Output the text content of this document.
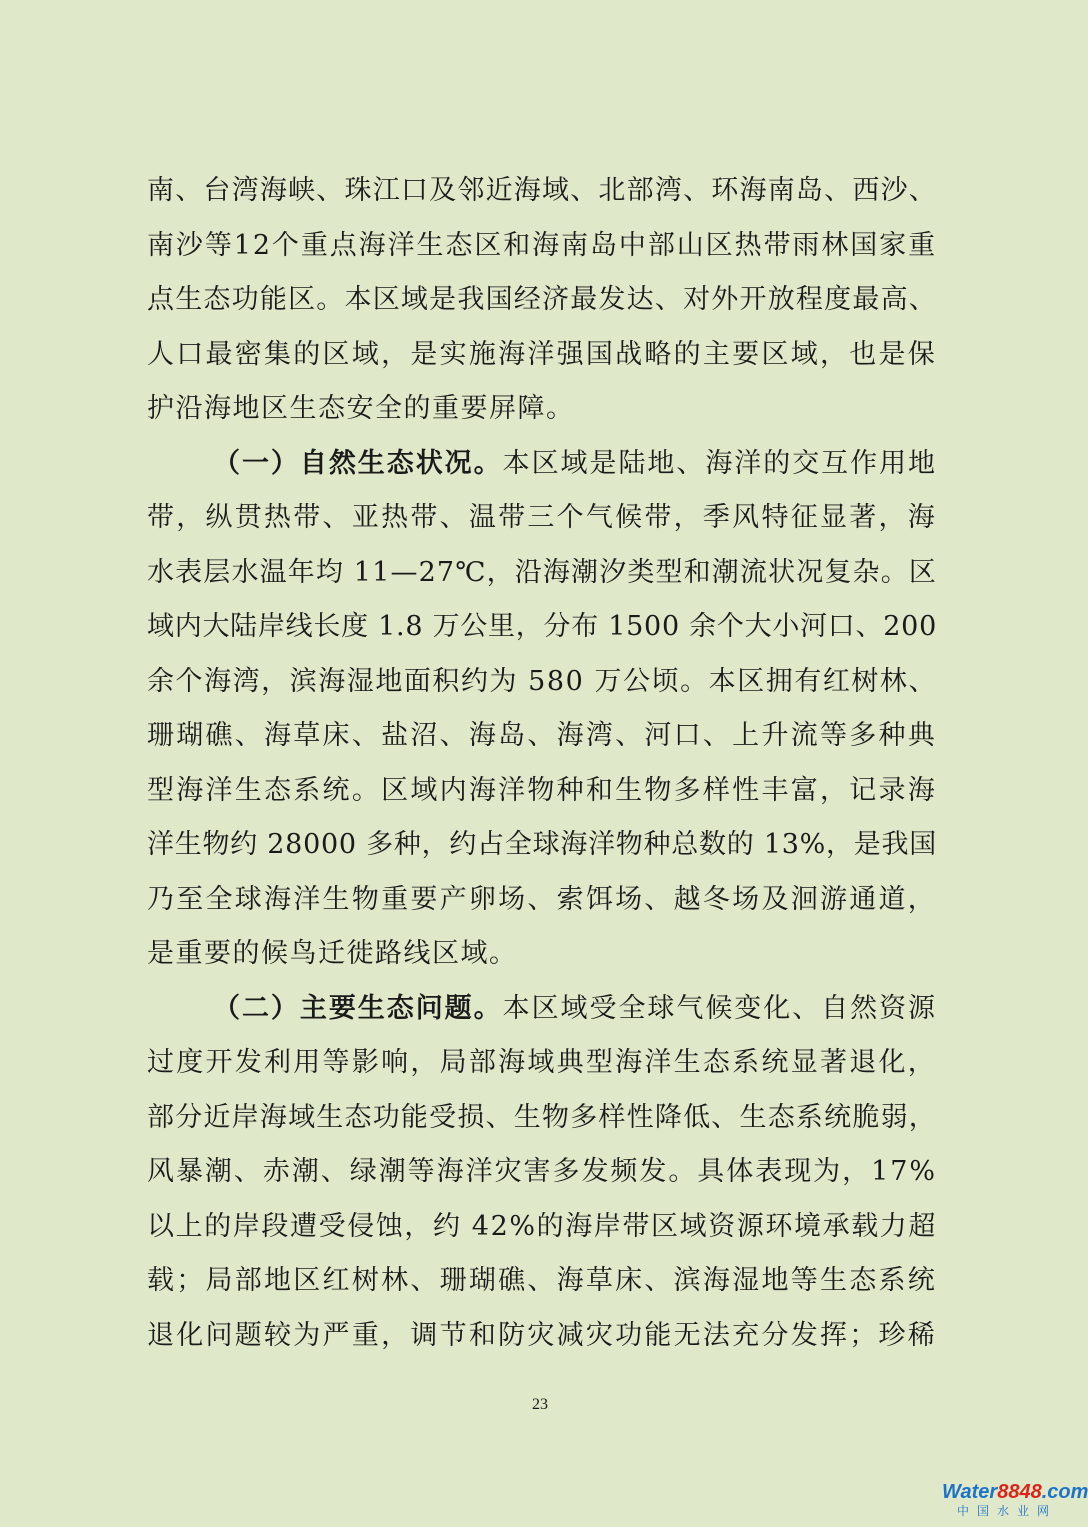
南、台湾海峡、珠江口及邻近海域、北部湾、环海南岛、西沙、
南沙等12个重点海洋生态区和海南岛中部山区热带雨林国家重
点生态功能区。本区域是我国经济最发达、对外开放程度最高、
人口最密集的区域，是实施海洋强国战略的主要区域，也是保
护沿海地区生态安全的重要屏障。
（一）自然生态状况。本区域是陆地、海洋的交互作用地
带，纵贯热带、亚热带、温带三个气候带，季风特征显著，海
水表层水温年均 11—27℃，沿海潮汐类型和潮流状况复杂。区
域内大陆岸线长度 1.8 万公里，分布 1500 余个大小河口、200
余个海湾，滨海湿地面积约为 580 万公顷。本区拥有红树林、
珊瑚礁、海草床、盐沼、海岛、海湾、河口、上升流等多种典
型海洋生态系统。区域内海洋物种和生物多样性丰富，记录海
洋生物约 28000 多种，约占全球海洋物种总数的 13%，是我国
乃至全球海洋生物重要产卵场、索饵场、越冬场及洄游通道，
是重要的候鸟迁徙路线区域。
（二）主要生态问题。本区域受全球气候变化、自然资源
过度开发利用等影响，局部海域典型海洋生态系统显著退化，
部分近岸海域生态功能受损、生物多样性降低、生态系统脆弱，
风暴潮、赤潮、绿潮等海洋灾害多发频发。具体表现为，17%
以上的岸段遭受侵蚀，约 42%的海岸带区域资源环境承载力超
载；局部地区红树林、珊瑚礁、海草床、滨海湿地等生态系统
退化问题较为严重，调节和防灾减灾功能无法充分发挥；珍稀
23
Water8848.com
中国水业网
